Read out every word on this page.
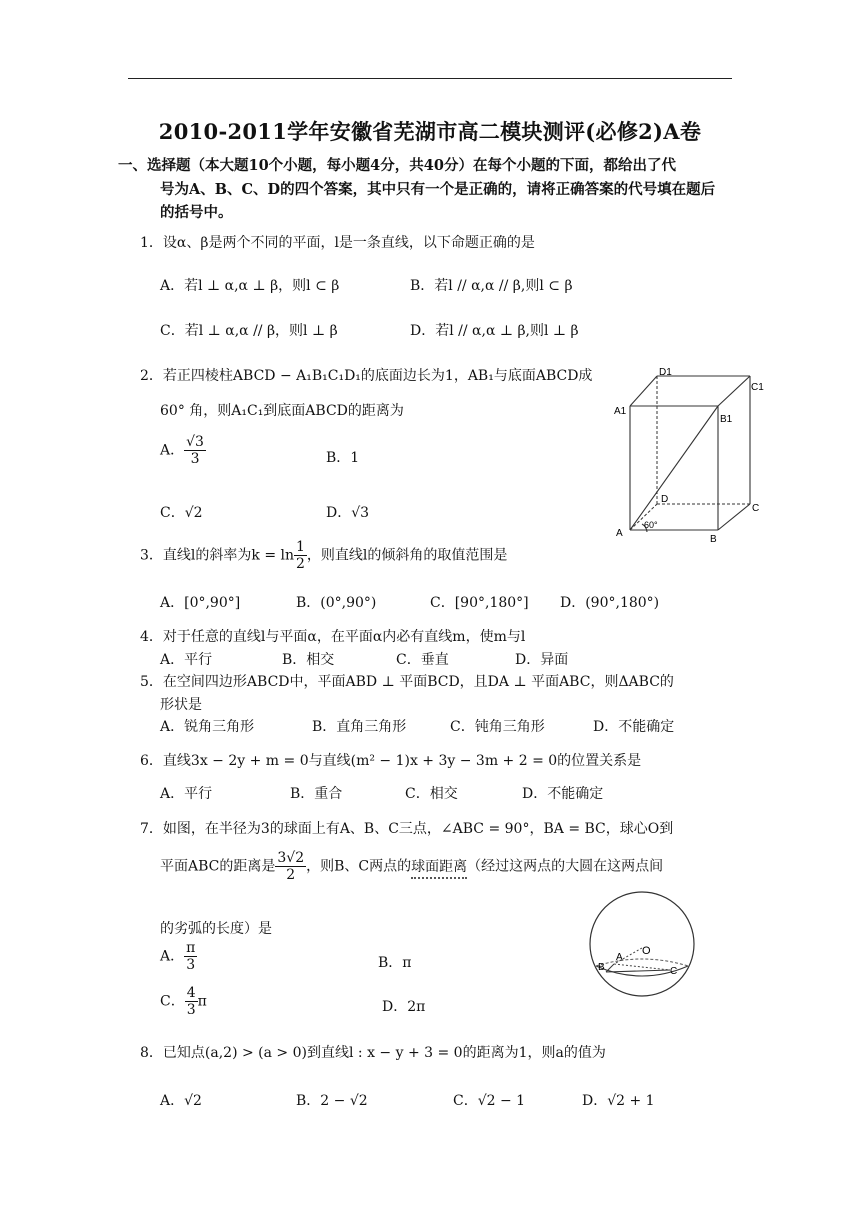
2010-2011学年安徽省芜湖市高二模块测评(必修2)A卷
一、选择题（本大题10个小题，每小题4分，共40分）在每个小题的下面，都给出了代
号为A、B、C、D的四个答案，其中只有一个是正确的，请将正确答案的代号填在题后
的括号中。
1．设α、β是两个不同的平面，l是一条直线，以下命题正确的是
A．若l ⊥ α,α ⊥ β，则l ⊂ β	B．若l // α,α // β,则l ⊂ β
C．若l ⊥ α,α // β，则l ⊥ β	D．若l // α,α ⊥ β,则l ⊥ β
2．若正四棱柱ABCD − A₁B₁C₁D₁的底面边长为1，AB₁与底面ABCD成
60° 角，则A₁C₁到底面ABCD的距离为
A． $\frac{√3}{3}$	B．1
C．√2	D．√3
D1
C1
A1
B1
D
C
A
B
60°
3．直线l的斜率为$k = \ln \frac{1}{2}$ ，则直线l的倾斜角的取值范围是
A．[0°,90°]	B．(0°,90°)	C．[90°,180°] D．(90°,180°)
4．对于任意的直线l与平面α，在平面α内必有直线m，使m与l
A．平行	B．相交	C．垂直	D．异面
5．在空间四边形ABCD中，平面ABD ⊥ 平面BCD，且DA ⊥ 平面ABC，则ΔABC的
形状是
A．锐角三角形	B．直角三角形	C．钝角三角形	D．不能确定
6．直线3x − 2y + m = 0与直线(m² − 1)x + 3y − 3m + 2 = 0的位置关系是
A．平行	B．重合	C．相交	D．不能确定
7．如图，在半径为3的球面上有A、B、C三点，∠ABC = 90°，BA = BC，球心O到
平面ABC的距离是 $\frac{3√2}{2}$ ，则B、C两点的球面距离（经过这两点的大圆在这两点间
的劣弧的长度）是
A． $\frac{\pi}{3}$	B．π
C． $\frac{4}{3}$ π	D．2π
O
A
B	C
8．已知点(a,2) > (a > 0)到直线l : x − y + 3 = 0的距离为1，则a的值为
A．√2	B．2 − √2	C．√2 − 1	D．√2 + 1
